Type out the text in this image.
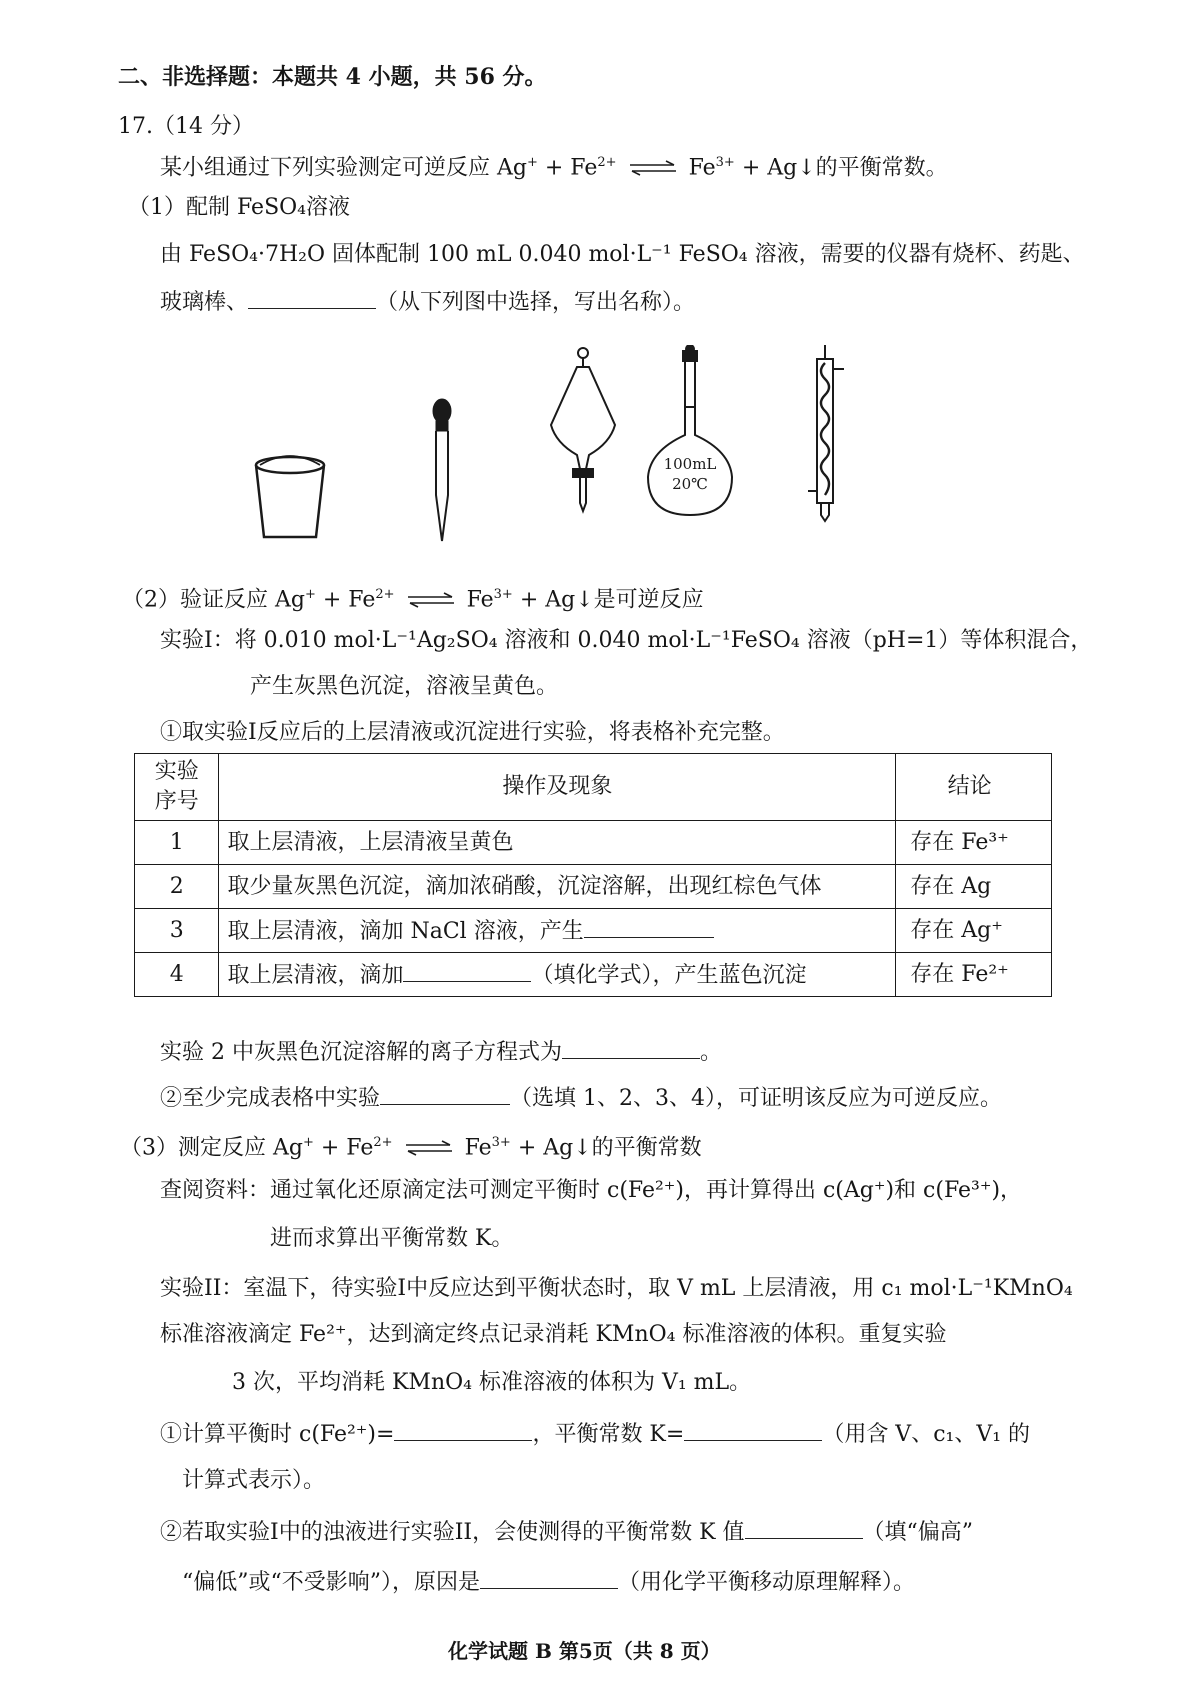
二、非选择题：本题共 4 小题，共 56 分。
17.（14 分）
某小组通过下列实验测定可逆反应 $Ag^+ + Fe^{2+}$ ⇌ $Fe^{3+}$ + Ag↓的平衡常数。
（1）配制 FeSO₄溶液
由 FeSO₄·7H₂O 固体配制 100 mL 0.040 mol·L⁻¹ FeSO₄ 溶液，需要的仪器有烧杯、药匙、
玻璃棒、	（从下列图中选择，写出名称）。
100mL
20℃
（2）验证反应 $Ag^+ + Fe^{2+}$ ⇌ $Fe^{3+}$ + Ag↓是可逆反应
实验I：将 0.010 mol·L⁻¹Ag₂SO₄ 溶液和 0.040 mol·L⁻¹FeSO₄ 溶液（pH=1）等体积混合，
产生灰黑色沉淀，溶液呈黄色。
①取实验I反应后的上层清液或沉淀进行实验，将表格补充完整。
实验
序号	操作及现象	结论
1	取上层清液，上层清液呈黄色	存在 Fe³⁺
2	取少量灰黑色沉淀，滴加浓硝酸，沉淀溶解，出现红棕色气体	存在 Ag
3	取上层清液，滴加 NaCl 溶液，产生	存在 Ag⁺
4	取上层清液，滴加 （填化学式），产生蓝色沉淀	存在 Fe²⁺
实验 2 中灰黑色沉淀溶解的离子方程式为	。
②至少完成表格中实验	（选填 1、2、3、4），可证明该反应为可逆反应。
（3）测定反应 $Ag^+ + Fe^{2+}$ ⇌ $Fe^{3+}$ + Ag↓的平衡常数
查阅资料：通过氧化还原滴定法可测定平衡时 c(Fe²⁺)，再计算得出 c(Ag⁺)和 c(Fe³⁺)，
进而求算出平衡常数 K。
实验II：室温下，待实验I中反应达到平衡状态时，取 V mL 上层清液，用 c₁ mol·L⁻¹KMnO₄
标准溶液滴定 Fe²⁺，达到滴定终点记录消耗 KMnO₄ 标准溶液的体积。重复实验
3 次，平均消耗 KMnO₄ 标准溶液的体积为 V₁ mL。
①计算平衡时 c(Fe²⁺)=	，平衡常数 K=	（用含 V、c₁、V₁ 的
计算式表示）。
②若取实验I中的浊液进行实验II，会使测得的平衡常数 K 值	（填“偏高”
“偏低”或“不受影响”），原因是	（用化学平衡移动原理解释）。
化学试题 B 第5页（共 8 页）
